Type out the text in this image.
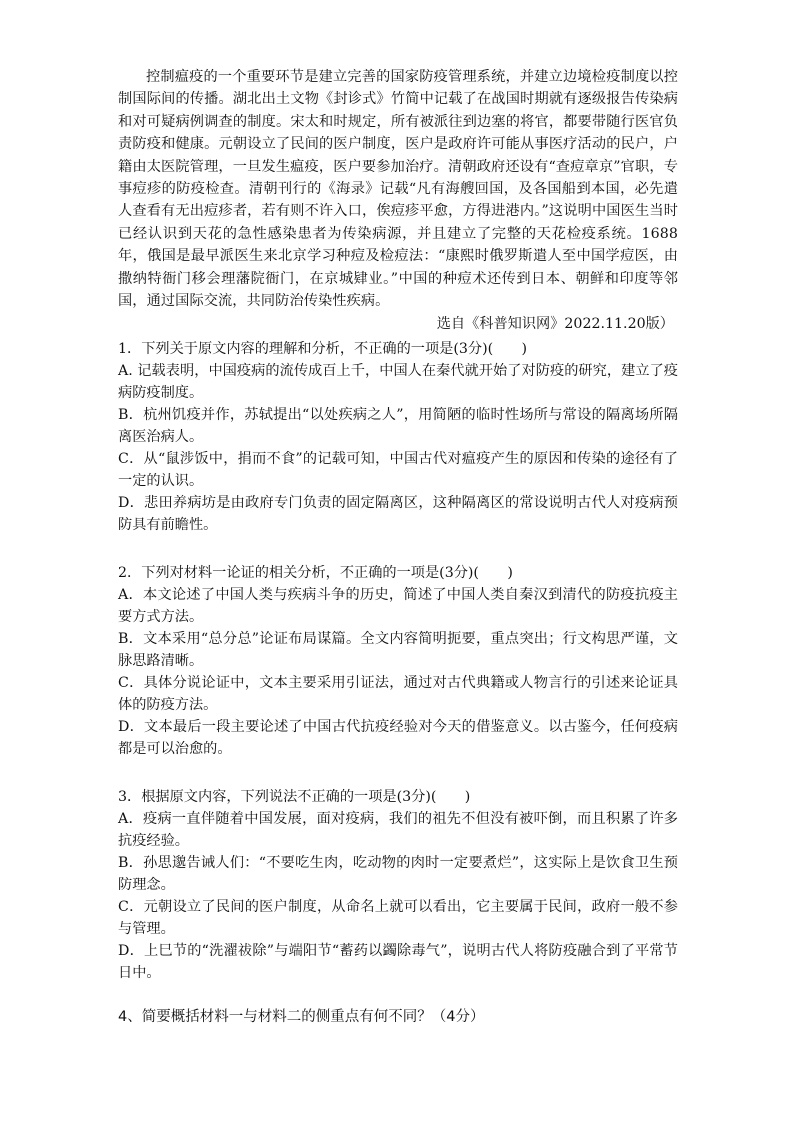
控制瘟疫的一个重要环节是建立完善的国家防疫管理系统，并建立边境检疫制度以控制国际间的传播。湖北出土文物《封诊式》竹简中记载了在战国时期就有逐级报告传染病和对可疑病例调查的制度。宋太和时规定，所有被派往到边塞的将官，都要带随行医官负责防疫和健康。元朝设立了民间的医户制度，医户是政府许可能从事医疗活动的民户，户籍由太医院管理，一旦发生瘟疫，医户要参加治疗。清朝政府还设有“查痘章京”官职，专事痘疹的防疫检查。清朝刊行的《海录》记载“凡有海艘回国，及各国船到本国，必先遣人查看有无出痘疹者，若有则不许入口，俟痘疹平愈，方得进港内。”这说明中国医生当时已经认识到天花的急性感染患者为传染病源，并且建立了完整的天花检疫系统。1688年，俄国是最早派医生来北京学习种痘及检痘法：“康熙时俄罗斯遣人至中国学痘医，由撒纳特衙门移会理藩院衙门，在京城肄业。”中国的种痘术还传到日本、朝鲜和印度等邻国，通过国际交流，共同防治传染性疾病。

选自《科普知识网》2022.11.20版）

1．下列关于原文内容的理解和分析，不正确的一项是(3分)(　　)

A. 记载表明，中国疫病的流传成百上千，中国人在秦代就开始了对防疫的研究，建立了疫病防疫制度。

B．杭州饥疫并作，苏轼提出“以处疾病之人”，用简陋的临时性场所与常设的隔离场所隔离医治病人。

C．从“鼠涉饭中，捐而不食”的记载可知，中国古代对瘟疫产生的原因和传染的途径有了一定的认识。

D．悲田养病坊是由政府专门负责的固定隔离区，这种隔离区的常设说明古代人对疫病预防具有前瞻性。

2．下列对材料一论证的相关分析，不正确的一项是(3分)(　　)

A．本文论述了中国人类与疾病斗争的历史，简述了中国人类自秦汉到清代的防疫抗疫主要方式方法。

B．文本采用“总分总”论证布局谋篇。全文内容简明扼要，重点突出；行文构思严谨，文脉思路清晰。

C．具体分说论证中，文本主要采用引证法，通过对古代典籍或人物言行的引述来论证具体的防疫方法。

D．文本最后一段主要论述了中国古代抗疫经验对今天的借鉴意义。以古鉴今，任何疫病都是可以治愈的。

3．根据原文内容，下列说法不正确的一项是(3分)(　　)

A．疫病一直伴随着中国发展，面对疫病，我们的祖先不但没有被吓倒，而且积累了许多抗疫经验。

B．孙思邈告诫人们：“不要吃生肉，吃动物的肉时一定要煮烂”，这实际上是饮食卫生预防理念。

C．元朝设立了民间的医户制度，从命名上就可以看出，它主要属于民间，政府一般不参与管理。

D．上巳节的“洗濯祓除”与端阳节“蓄药以蠲除毒气”，说明古代人将防疫融合到了平常节日中。

4、简要概括材料一与材料二的侧重点有何不同？（4分）
